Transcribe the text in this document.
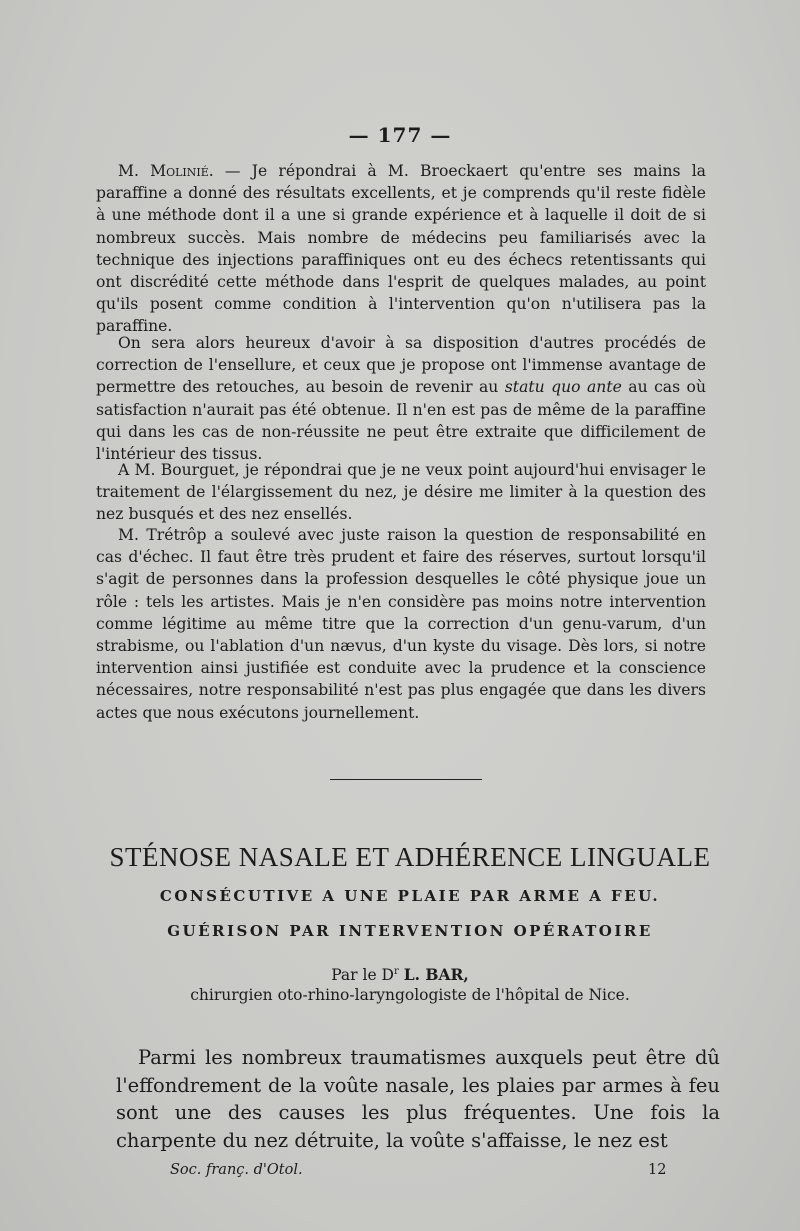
— 177 —
M. Molinié. — Je répondrai à M. Broeckaert qu'entre ses mains la paraffine a donné des résultats excellents, et je comprends qu'il reste fidèle à une méthode dont il a une si grande expérience et à laquelle il doit de si nombreux succès. Mais nombre de médecins peu familiarisés avec la technique des injections paraffiniques ont eu des échecs retentissants qui ont discrédité cette méthode dans l'esprit de quelques malades, au point qu'ils posent comme condition à l'intervention qu'on n'utilisera pas la paraffine.
On sera alors heureux d'avoir à sa disposition d'autres procédés de correction de l'ensellure, et ceux que je propose ont l'immense avantage de permettre des retouches, au besoin de revenir au statu quo ante au cas où satisfaction n'aurait pas été obtenue. Il n'en est pas de même de la paraffine qui dans les cas de non-réussite ne peut être extraite que difficilement de l'intérieur des tissus.
A M. Bourguet, je répondrai que je ne veux point aujourd'hui envisager le traitement de l'élargissement du nez, je désire me limiter à la question des nez busqués et des nez ensellés.
M. Trétrôp a soulevé avec juste raison la question de responsabilité en cas d'échec. Il faut être très prudent et faire des réserves, surtout lorsqu'il s'agit de personnes dans la profession desquelles le côté physique joue un rôle : tels les artistes. Mais je n'en considère pas moins notre intervention comme légitime au même titre que la correction d'un genu-varum, d'un strabisme, ou l'ablation d'un nævus, d'un kyste du visage. Dès lors, si notre intervention ainsi justifiée est conduite avec la prudence et la conscience nécessaires, notre responsabilité n'est pas plus engagée que dans les divers actes que nous exécutons journellement.
STÉNOSE NASALE ET ADHÉRENCE LINGUALE
CONSÉCUTIVE A UNE PLAIE PAR ARME A FEU.
GUÉRISON PAR INTERVENTION OPÉRATOIRE
Par le $D^r$ L. BAR,
chirurgien oto-rhino-laryngologiste de l'hôpital de Nice.
Parmi les nombreux traumatismes auxquels peut être dû l'effondrement de la voûte nasale, les plaies par armes à feu sont une des causes les plus fréquentes. Une fois la charpente du nez détruite, la voûte s'affaisse, le nez est
Soc. franç. d'Otol.	12
